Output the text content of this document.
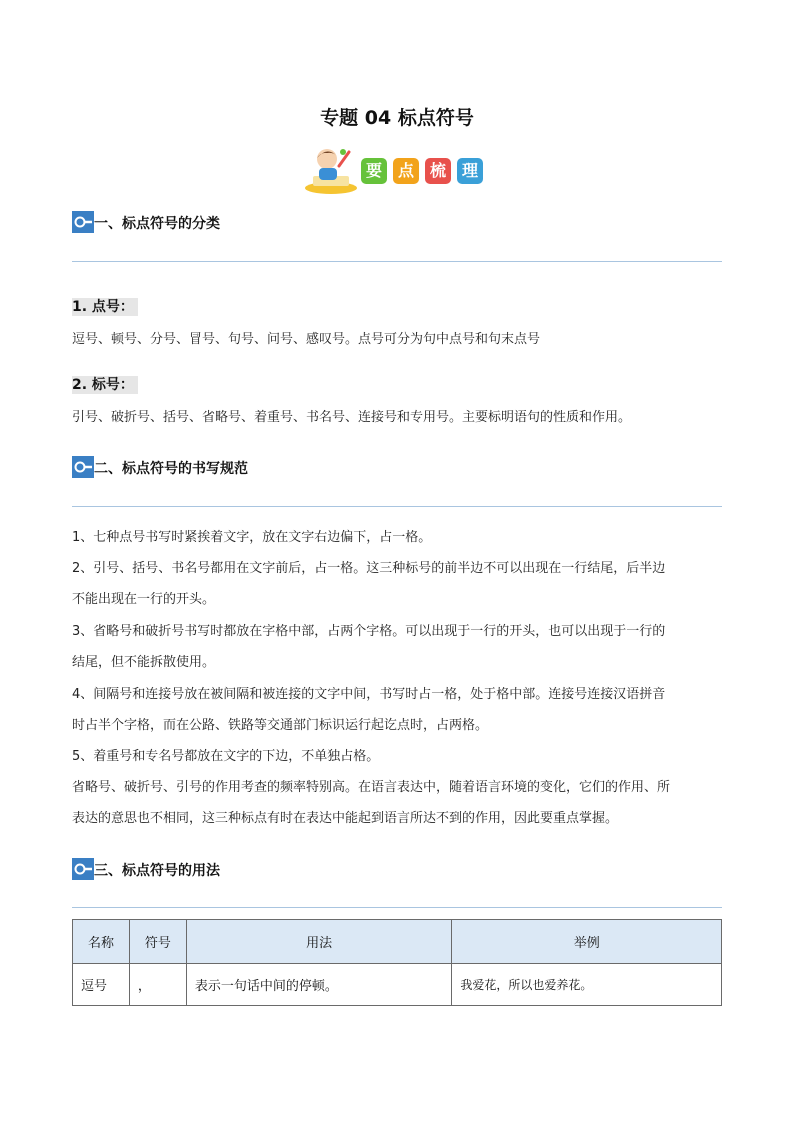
专题 04 标点符号
要 点 梳 理
一、标点符号的分类
1. 点号：
逗号、顿号、分号、冒号、句号、问号、感叹号。点号可分为句中点号和句末点号
2. 标号：
引号、破折号、括号、省略号、着重号、书名号、连接号和专用号。主要标明语句的性质和作用。
二、标点符号的书写规范
1、七种点号书写时紧挨着文字，放在文字右边偏下，占一格。
2、引号、括号、书名号都用在文字前后，占一格。这三种标号的前半边不可以出现在一行结尾，后半边
不能出现在一行的开头。
3、省略号和破折号书写时都放在字格中部，占两个字格。可以出现于一行的开头，也可以出现于一行的
结尾，但不能拆散使用。
4、间隔号和连接号放在被间隔和被连接的文字中间，书写时占一格，处于格中部。连接号连接汉语拼音
时占半个字格，而在公路、铁路等交通部门标识运行起讫点时，占两格。
5、着重号和专名号都放在文字的下边，不单独占格。
省略号、破折号、引号的作用考查的频率特别高。在语言表达中，随着语言环境的变化，它们的作用、所
表达的意思也不相同，这三种标点有时在表达中能起到语言所达不到的作用，因此要重点掌握。
三、标点符号的用法
名称	符号	用法	举例
逗号	，	表示一句话中间的停顿。	我爱花，所以也爱养花。
